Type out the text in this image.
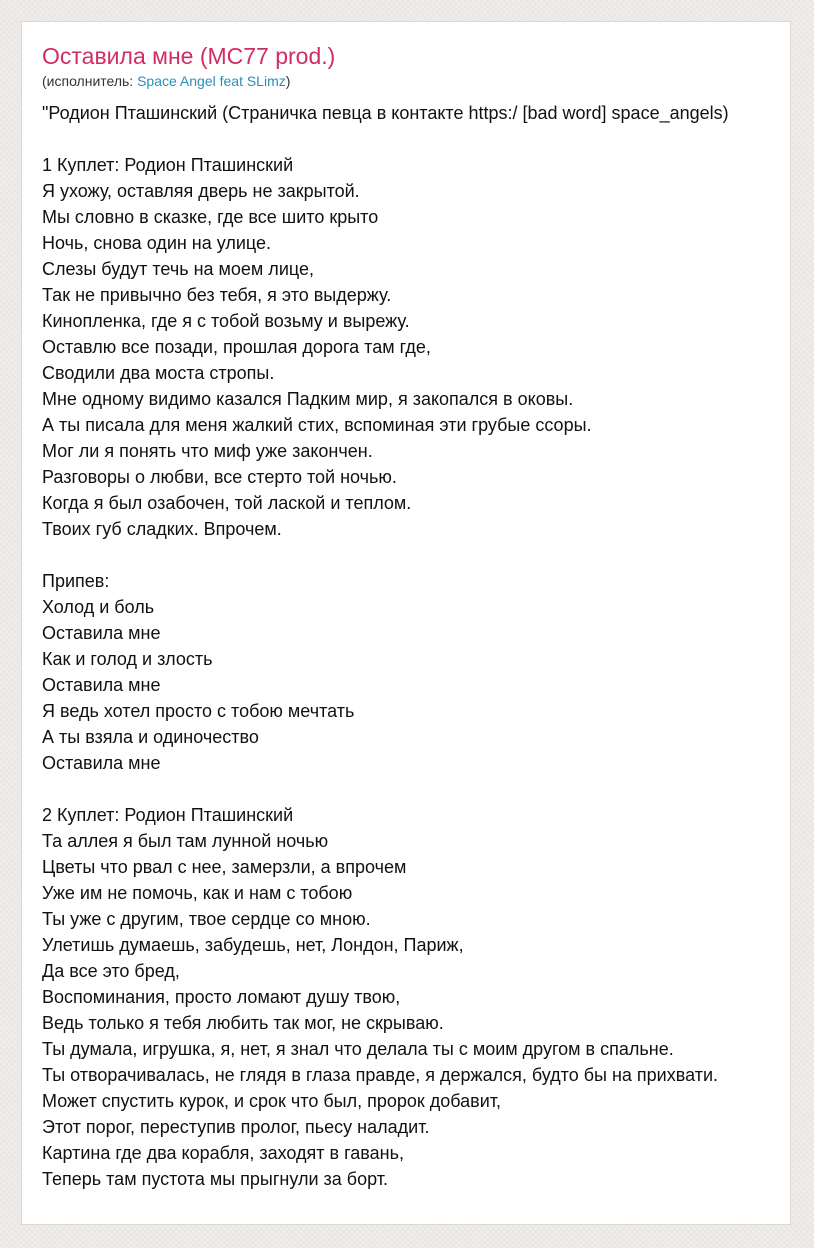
Оставила мне (MC77 prod.)
(исполнитель: Space Angel feat SLimz)
"Родион Пташинский (Страничка певца в контакте https:/ [bad word] space_angels)
1 Куплет: Родион Пташинский
Я ухожу, оставляя дверь не закрытой.
Мы словно в сказке, где все шито крыто
Ночь, снова один на улице.
Слезы будут течь на моем лице,
Так не привычно без тебя, я это выдержу.
Кинопленка, где я с тобой возьму и вырежу.
Оставлю все позади, прошлая дорога там где,
Сводили два моста стропы.
Мне одному видимо казался Падким мир, я закопался в оковы.
А ты писала для меня жалкий стих, вспоминая эти грубые ссоры.
Мог ли я понять что миф уже закончен.
Разговоры о любви, все стерто той ночью.
Когда я был озабочен, той лаской и теплом.
Твоих губ сладких. Впрочем.
Припев:
Холод и боль
Оставила мне
Как и голод и злость
Оставила мне
Я ведь хотел просто с тобою мечтать
А ты взяла и одиночество
Оставила мне
2 Куплет: Родион Пташинский
Та аллея я был там лунной ночью
Цветы что рвал с нее, замерзли, а впрочем
Уже им не помочь, как и нам с тобою
Ты уже с другим, твое сердце со мною.
Улетишь думаешь, забудешь, нет, Лондон, Париж,
Да все это бред,
Воспоминания, просто ломают душу твою,
Ведь только я тебя любить так мог, не скрываю.
Ты думала, игрушка, я, нет, я знал что делала ты с моим другом в спальне.
Ты отворачивалась, не глядя в глаза правде, я держался, будто бы на прихвати.
Может спустить курок, и срок что был, пророк добавит,
Этот порог, переступив пролог, пьесу наладит.
Картина где два корабля, заходят в гавань,
Теперь там пустота мы прыгнули за борт.
